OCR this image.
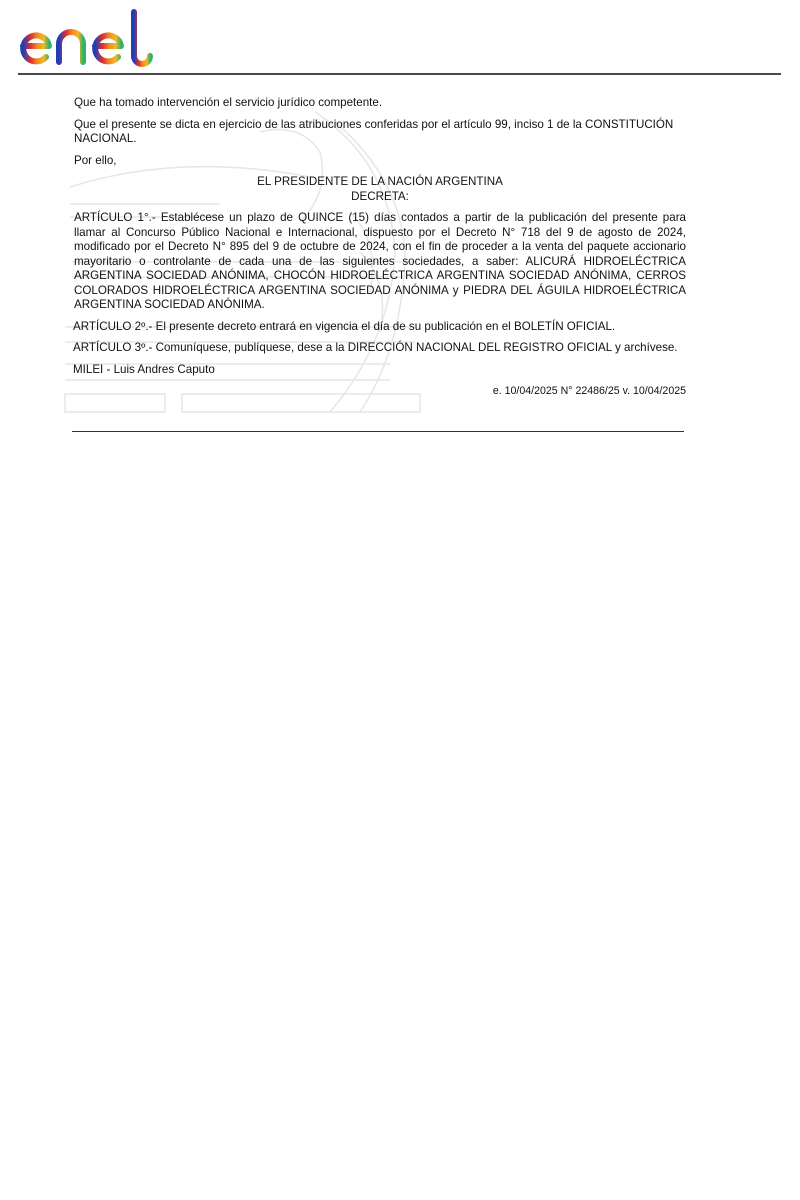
Que ha tomado intervención el servicio jurídico competente.

Que el presente se dicta en ejercicio de las atribuciones conferidas por el artículo 99, inciso 1 de la CONSTITUCIÓN NACIONAL.

Por ello,

EL PRESIDENTE DE LA NACIÓN ARGENTINA

DECRETA:

ARTÍCULO 1°.- Establécese un plazo de QUINCE (15) días contados a partir de la publicación del presente para llamar al Concurso Público Nacional e Internacional, dispuesto por el Decreto N° 718 del 9 de agosto de 2024, modificado por el Decreto N° 895 del 9 de octubre de 2024, con el fin de proceder a la venta del paquete accionario mayoritario o controlante de cada una de las siguientes sociedades, a saber: ALICURÁ HIDROELÉCTRICA ARGENTINA SOCIEDAD ANÓNIMA, CHOCÓN HIDROELÉCTRICA ARGENTINA SOCIEDAD ANÓNIMA, CERROS COLORADOS HIDROELÉCTRICA ARGENTINA SOCIEDAD ANÓNIMA y PIEDRA DEL ÁGUILA HIDROELÉCTRICA ARGENTINA SOCIEDAD ANÓNIMA.

ARTÍCULO 2º.- El presente decreto entrará en vigencia el día de su publicación en el BOLETÍN OFICIAL.

ARTÍCULO 3º.- Comuníquese, publíquese, dese a la DIRECCIÓN NACIONAL DEL REGISTRO OFICIAL y archívese.

MILEI - Luis Andres Caputo

e. 10/04/2025 N° 22486/25 v. 10/04/2025
